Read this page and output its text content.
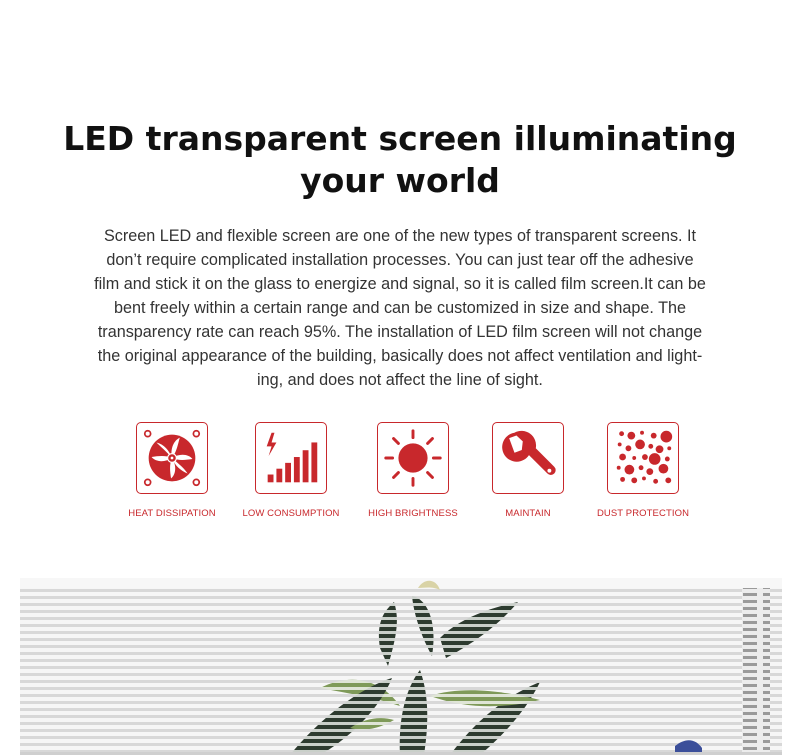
LED transparent screen illuminating
your world

Screen LED and flexible screen are one of the new types of transparent screens. It
don’t require complicated installation processes. You can just tear off the adhesive
film and stick it on the glass to energize and signal, so it is called film screen.It can be
bent freely within a certain range and can be customized in size and shape. The
transparency rate can reach 95%. The installation of LED film screen will not change
the original appearance of the building, basically does not affect ventilation and light-
ing, and does not affect the line of sight.

HEAT DISSIPATION	LOW CONSUMPTION	HIGH BRIGHTNESS	MAINTAIN	DUST PROTECTION
